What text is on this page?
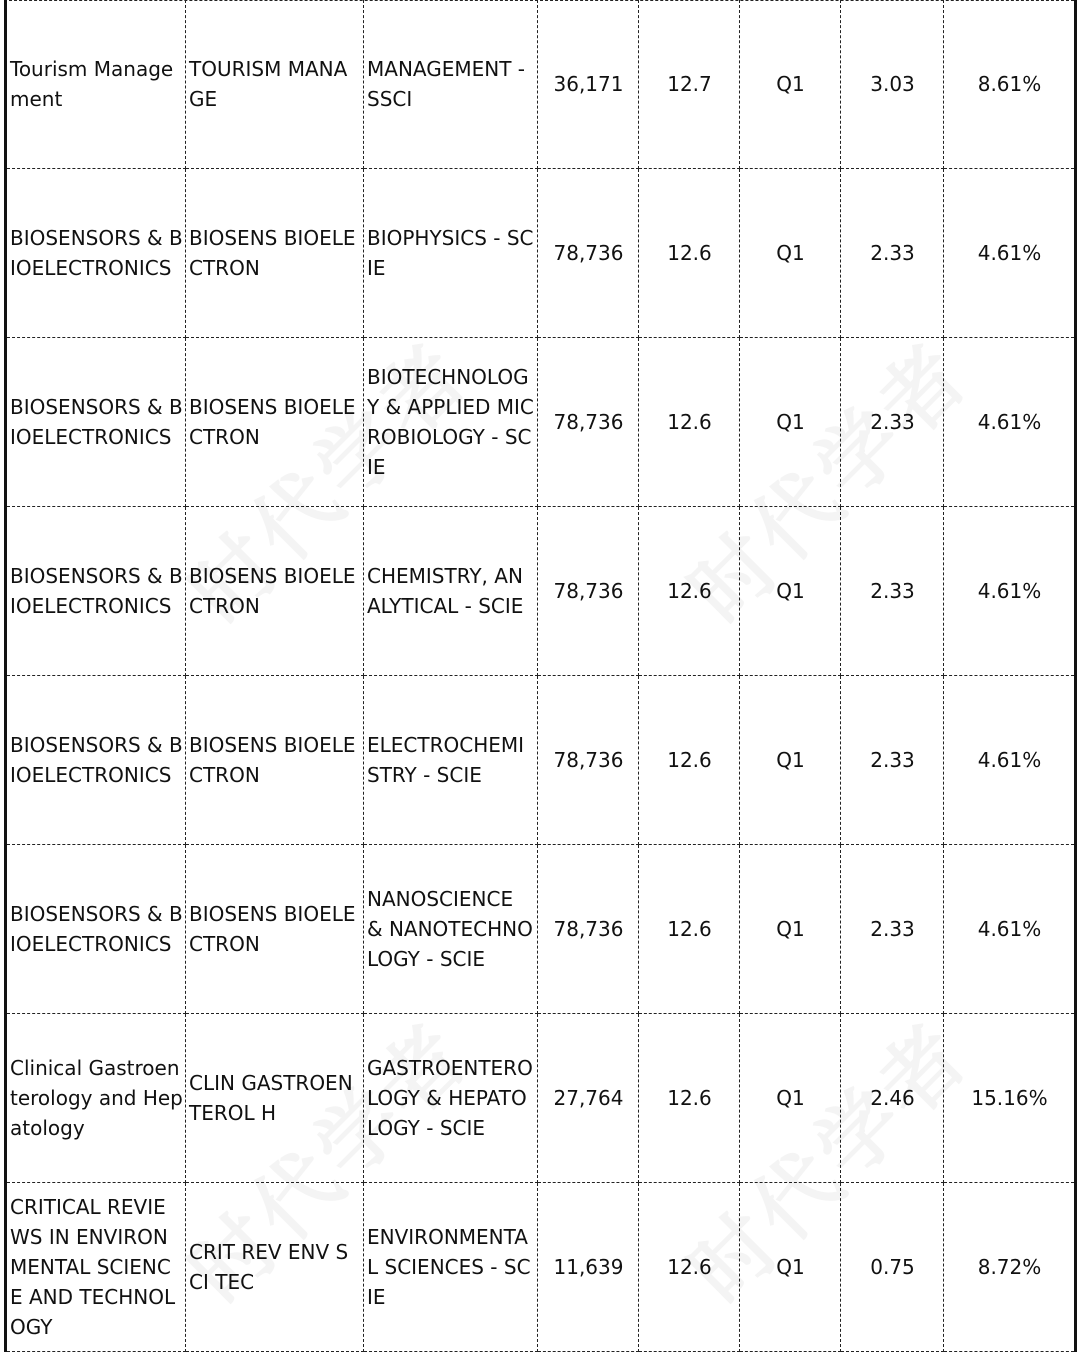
Tourism Management	TOURISM MANAGE	MANAGEMENT - SSCI	36,171	12.7	Q1	3.03	8.61%
BIOSENSORS & BIOELECTRONICS	BIOSENS BIOELECTRON	BIOPHYSICS - SCIE	78,736	12.6	Q1	2.33	4.61%
BIOSENSORS & BIOELECTRONICS	BIOSENS BIOELECTRON	BIOTECHNOLOGY & APPLIED MICROBIOLOGY - SCIE	78,736	12.6	Q1	2.33	4.61%
BIOSENSORS & BIOELECTRONICS	BIOSENS BIOELECTRON	CHEMISTRY, ANALYTICAL - SCIE	78,736	12.6	Q1	2.33	4.61%
BIOSENSORS & BIOELECTRONICS	BIOSENS BIOELECTRON	ELECTROCHEMISTRY - SCIE	78,736	12.6	Q1	2.33	4.61%
BIOSENSORS & BIOELECTRONICS	BIOSENS BIOELECTRON	NANOSCIENCE & NANOTECHNOLOGY - SCIE	78,736	12.6	Q1	2.33	4.61%
Clinical Gastroenterology and Hepatology	CLIN GASTROENTEROL H	GASTROENTEROLOGY & HEPATOLOGY - SCIE	27,764	12.6	Q1	2.46	15.16%
CRITICAL REVIEWS IN ENVIRONMENTAL SCIENCE AND TECHNOLOGY	CRIT REV ENV SCI TEC	ENVIRONMENTAL SCIENCES - SCIE	11,639	12.6	Q1	0.75	8.72%
